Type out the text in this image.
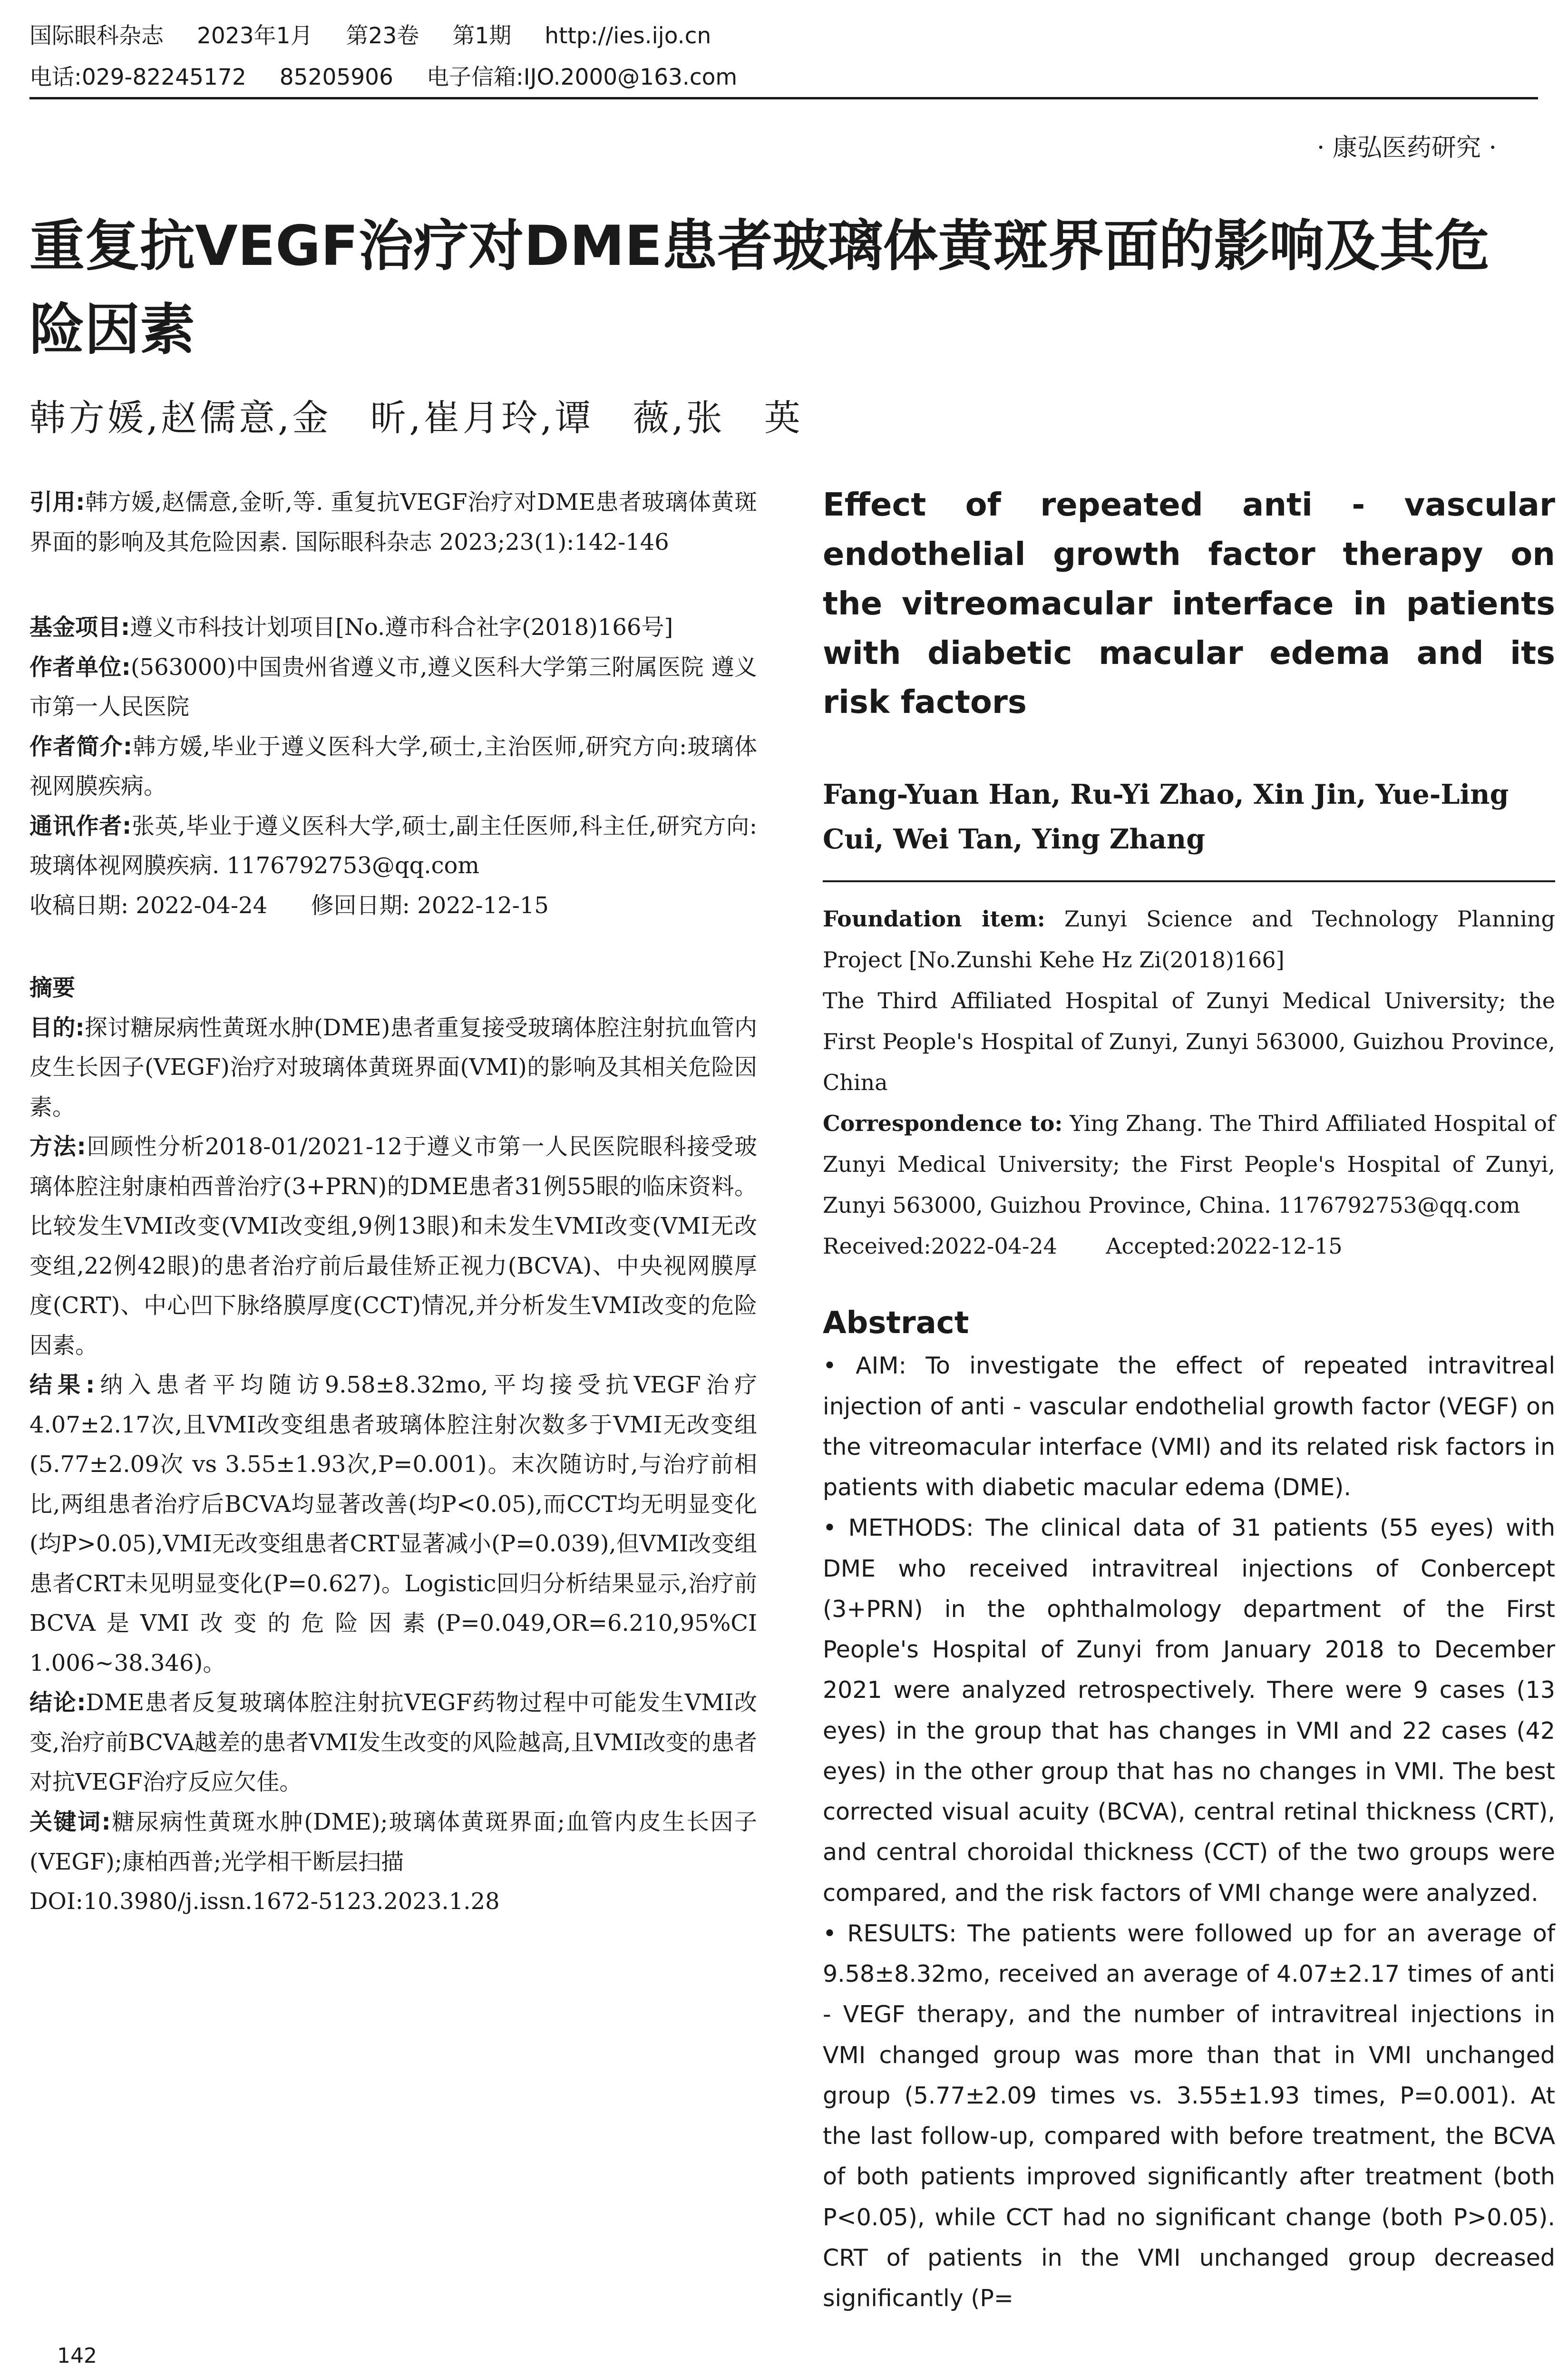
国际眼科杂志 2023年1月 第23卷 第1期 http://ies.ijo.cn
电话:029-82245172 85205906 电子信箱:IJO.2000@163.com
· 康弘医药研究 ·
重复抗VEGF治疗对DME患者玻璃体黄斑界面的影响及其危险因素
韩方媛,赵儒意,金　昕,崔月玲,谭　薇,张　英

引用:韩方媛,赵儒意,金昕,等. 重复抗VEGF治疗对DME患者玻璃体黄斑界面的影响及其危险因素. 国际眼科杂志 2023;23(1):142-146

基金项目:遵义市科技计划项目[No.遵市科合社字(2018)166号]

作者单位:(563000)中国贵州省遵义市,遵义医科大学第三附属医院 遵义市第一人民医院

作者简介:韩方媛,毕业于遵义医科大学,硕士,主治医师,研究方向:玻璃体视网膜疾病。

通讯作者:张英,毕业于遵义医科大学,硕士,副主任医师,科主任,研究方向:玻璃体视网膜疾病. 1176792753@qq.com

收稿日期: 2022-04-24 修回日期: 2022-12-15

摘要

目的:探讨糖尿病性黄斑水肿(DME)患者重复接受玻璃体腔注射抗血管内皮生长因子(VEGF)治疗对玻璃体黄斑界面(VMI)的影响及其相关危险因素。

方法:回顾性分析2018-01/2021-12于遵义市第一人民医院眼科接受玻璃体腔注射康柏西普治疗(3+PRN)的DME患者31例55眼的临床资料。比较发生VMI改变(VMI改变组,9例13眼)和未发生VMI改变(VMI无改变组,22例42眼)的患者治疗前后最佳矫正视力(BCVA)、中央视网膜厚度(CRT)、中心凹下脉络膜厚度(CCT)情况,并分析发生VMI改变的危险因素。

结果:纳入患者平均随访9.58±8.32mo,平均接受抗VEGF治疗4.07±2.17次,且VMI改变组患者玻璃体腔注射次数多于VMI无改变组(5.77±2.09次 vs 3.55±1.93次,P=0.001)。末次随访时,与治疗前相比,两组患者治疗后BCVA均显著改善(均P<0.05),而CCT均无明显变化(均P>0.05),VMI无改变组患者CRT显著减小(P=0.039),但VMI改变组患者CRT未见明显变化(P=0.627)。Logistic回归分析结果显示,治疗前BCVA是VMI改变的危险因素(P=0.049,OR=6.210,95%CI 1.006~38.346)。

结论:DME患者反复玻璃体腔注射抗VEGF药物过程中可能发生VMI改变,治疗前BCVA越差的患者VMI发生改变的风险越高,且VMI改变的患者对抗VEGF治疗反应欠佳。

关键词:糖尿病性黄斑水肿(DME);玻璃体黄斑界面;血管内皮生长因子(VEGF);康柏西普;光学相干断层扫描

DOI:10.3980/j.issn.1672-5123.2023.1.28

Effect of repeated anti - vascular endothelial growth factor therapy on the vitreomacular interface in patients with diabetic macular edema and its risk factors
Fang-Yuan Han, Ru-Yi Zhao, Xin Jin, Yue-Ling Cui, Wei Tan, Ying Zhang

Foundation item: Zunyi Science and Technology Planning Project [No.Zunshi Kehe Hz Zi(2018)166]

The Third Affiliated Hospital of Zunyi Medical University; the First People's Hospital of Zunyi, Zunyi 563000, Guizhou Province, China

Correspondence to: Ying Zhang. The Third Affiliated Hospital of Zunyi Medical University; the First People's Hospital of Zunyi, Zunyi 563000, Guizhou Province, China. 1176792753@qq.com

Received:2022-04-24 Accepted:2022-12-15

Abstract

• AIM: To investigate the effect of repeated intravitreal injection of anti - vascular endothelial growth factor (VEGF) on the vitreomacular interface (VMI) and its related risk factors in patients with diabetic macular edema (DME).

• METHODS: The clinical data of 31 patients (55 eyes) with DME who received intravitreal injections of Conbercept (3+PRN) in the ophthalmology department of the First People's Hospital of Zunyi from January 2018 to December 2021 were analyzed retrospectively. There were 9 cases (13 eyes) in the group that has changes in VMI and 22 cases (42 eyes) in the other group that has no changes in VMI. The best corrected visual acuity (BCVA), central retinal thickness (CRT), and central choroidal thickness (CCT) of the two groups were compared, and the risk factors of VMI change were analyzed.

• RESULTS: The patients were followed up for an average of 9.58±8.32mo, received an average of 4.07±2.17 times of anti - VEGF therapy, and the number of intravitreal injections in VMI changed group was more than that in VMI unchanged group (5.77±2.09 times vs. 3.55±1.93 times, P=0.001). At the last follow-up, compared with before treatment, the BCVA of both patients improved significantly after treatment (both P<0.05), while CCT had no significant change (both P>0.05). CRT of patients in the VMI unchanged group decreased significantly (P=

142
